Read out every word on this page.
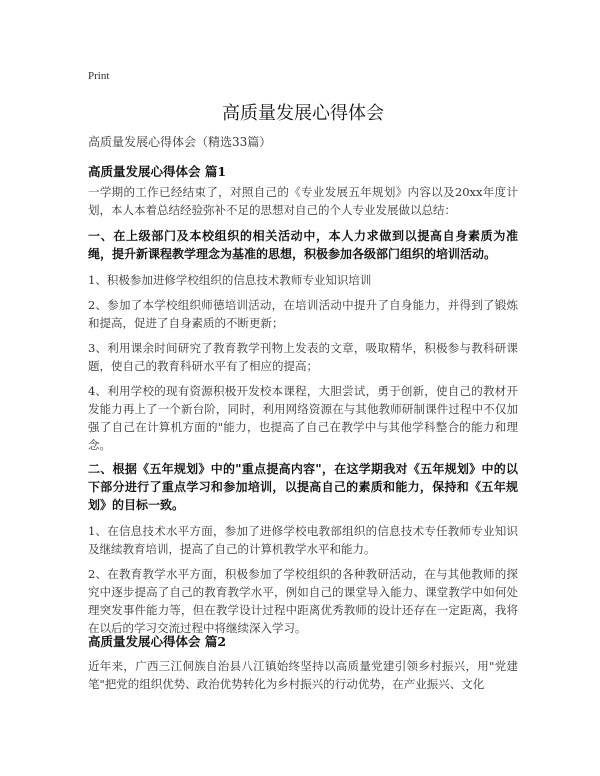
Print
高质量发展心得体会
高质量发展心得体会（精选33篇）
高质量发展心得体会 篇1
一学期的工作已经结束了，对照自己的《专业发展五年规划》内容以及20xx年度计划，本人本着总结经验弥补不足的思想对自己的个人专业发展做以总结：
一、在上级部门及本校组织的相关活动中，本人力求做到以提高自身素质为准绳，提升新课程教学理念为基准的思想，积极参加各级部门组织的培训活动。
1、积极参加进修学校组织的信息技术教师专业知识培训
2、参加了本学校组织师德培训活动，在培训活动中提升了自身能力，并得到了锻炼和提高，促进了自身素质的不断更新；
3、利用课余时间研究了教育教学刊物上发表的文章，吸取精华，积极参与教科研课题，使自己的教育科研水平有了相应的提高；
4、利用学校的现有资源积极开发校本课程，大胆尝试，勇于创新，使自己的教材开发能力再上了一个新台阶，同时，利用网络资源在与其他教师研制课件过程中不仅加强了自己在计算机方面的"能力，也提高了自己在教学中与其他学科整合的能力和理念。
二、根据《五年规划》中的"重点提高内容"，在这学期我对《五年规划》中的以下部分进行了重点学习和参加培训，以提高自己的素质和能力，保持和《五年规划》的目标一致。
1、在信息技术水平方面，参加了进修学校电教部组织的信息技术专任教师专业知识及继续教育培训，提高了自己的计算机教学水平和能力。
2、在教育教学水平方面，积极参加了学校组织的各种教研活动，在与其他教师的探究中逐步提高了自己的教育教学水平，例如自己的课堂导入能力、课堂教学中如何处理突发事件能力等，但在教学设计过程中距离优秀教师的设计还存在一定距离，我将在以后的学习交流过程中将继续深入学习。
高质量发展心得体会 篇2
近年来，广西三江侗族自治县八江镇始终坚持以高质量党建引领乡村振兴，用"党建笔"把党的组织优势、政治优势转化为乡村振兴的行动优势，在产业振兴、文化
